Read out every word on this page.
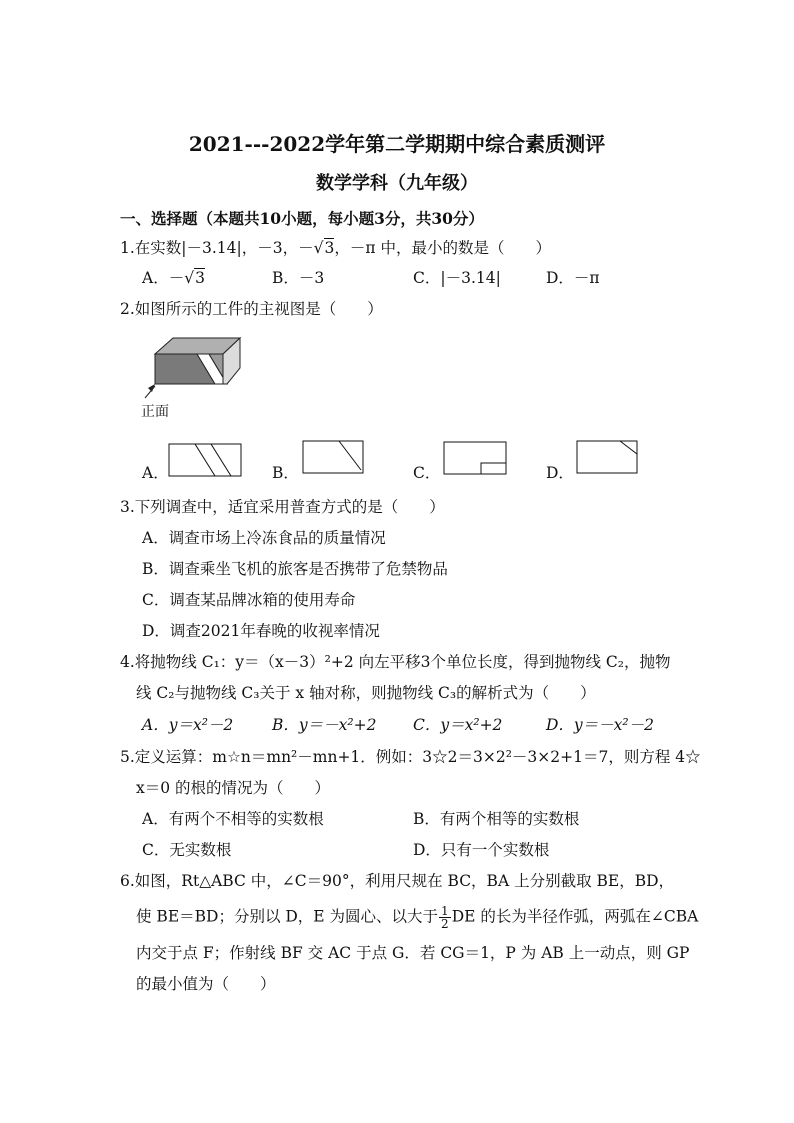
2021---2022学年第二学期期中综合素质测评
数学学科（九年级）
一、选择题（本题共10小题，每小题3分，共30分）
1.在实数|－3.14|，－3，－√3，－π 中，最小的数是（　　）
A．－√3	B．－3	C．|－3.14|	D．－π
2.如图所示的工件的主视图是（　　）
正面
A．	B．	C．	D．
3.下列调查中，适宜采用普查方式的是（　　）
A．调查市场上冷冻食品的质量情况
B．调查乘坐飞机的旅客是否携带了危禁物品
C．调查某品牌冰箱的使用寿命
D．调查2021年春晚的收视率情况
4.将抛物线 C₁：y＝（x－3）²+2 向左平移3个单位长度，得到抛物线 C₂，抛物
线 C₂与抛物线 C₃关于 x 轴对称，则抛物线 C₃的解析式为（　　）
A．y＝x²－2 B．y＝－x²+2 C．y＝x²+2	D．y＝－x²－2
5.定义运算：m☆n＝mn²－mn+1．例如：3☆2＝3×2²－3×2+1＝7，则方程 4☆
x＝0 的根的情况为（　　）
A．有两个不相等的实数根	B．有两个相等的实数根
C．无实数根	D．只有一个实数根
6.如图，Rt△ABC 中，∠C＝90°，利用尺规在 BC，BA 上分别截取 BE，BD，
使 BE＝BD；分别以 D，E 为圆心、以大于 $\frac{1}{2}$ DE 的长为半径作弧，两弧在∠CBA
内交于点 F；作射线 BF 交 AC 于点 G．若 CG＝1，P 为 AB 上一动点，则 GP
的最小值为（　　）
